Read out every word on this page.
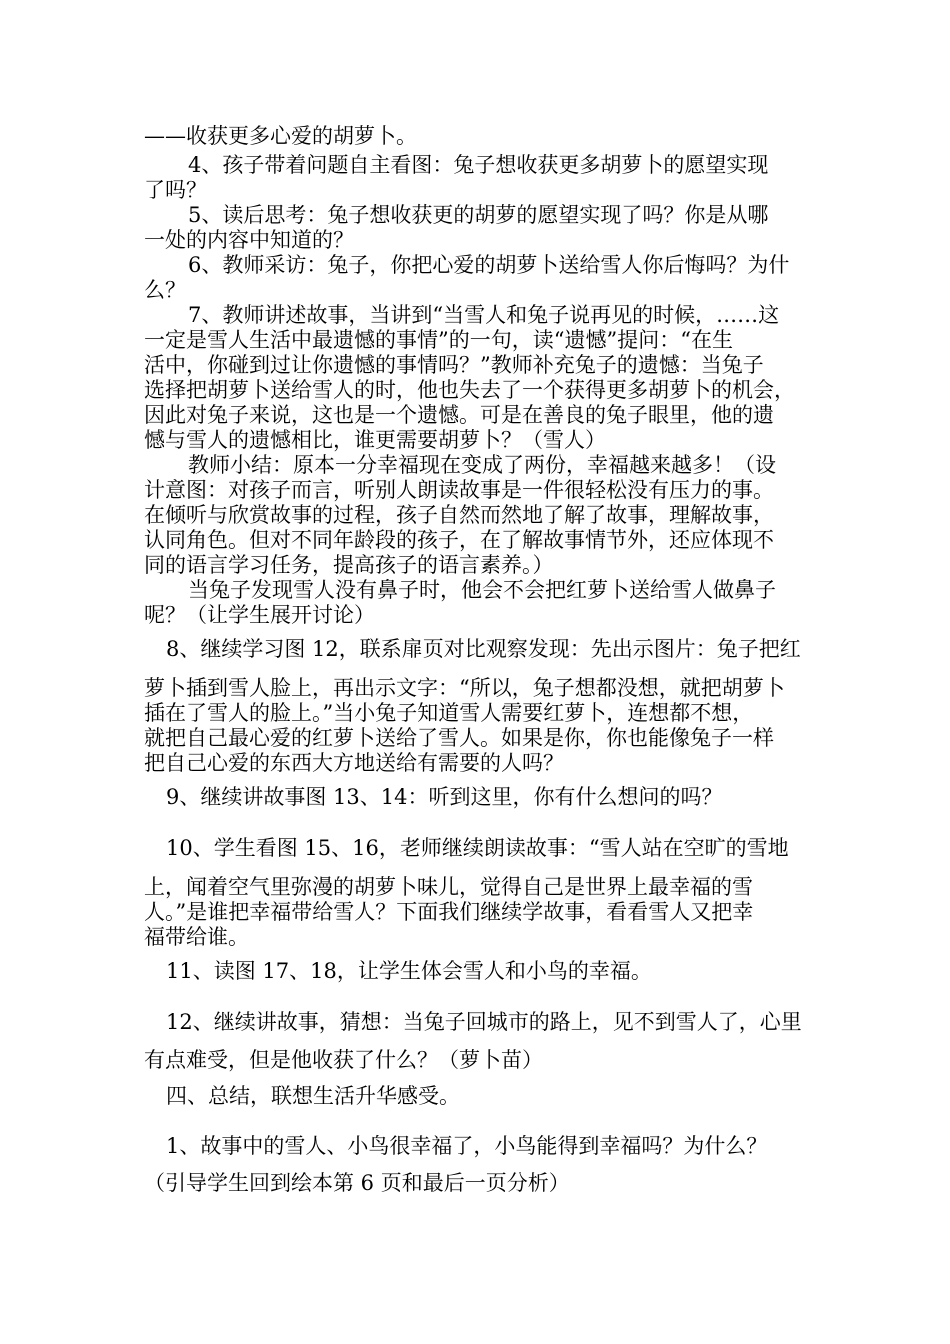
——收获更多心爱的胡萝卜。
4、孩子带着问题自主看图：兔子想收获更多胡萝卜的愿望实现
了吗？
5、读后思考：兔子想收获更的胡萝的愿望实现了吗？你是从哪
一处的内容中知道的？
6、教师采访：兔子，你把心爱的胡萝卜送给雪人你后悔吗？为什
么？
7、教师讲述故事，当讲到“当雪人和兔子说再见的时候，……这
一定是雪人生活中最遗憾的事情”的一句，读“遗憾”提问：“在生
活中，你碰到过让你遗憾的事情吗？”教师补充兔子的遗憾：当兔子
选择把胡萝卜送给雪人的时，他也失去了一个获得更多胡萝卜的机会，
因此对兔子来说，这也是一个遗憾。可是在善良的兔子眼里，他的遗
憾与雪人的遗憾相比，谁更需要胡萝卜？（雪人）
教师小结：原本一分幸福现在变成了两份，幸福越来越多！（设
计意图：对孩子而言，听别人朗读故事是一件很轻松没有压力的事。
在倾听与欣赏故事的过程，孩子自然而然地了解了故事，理解故事，
认同角色。但对不同年龄段的孩子，在了解故事情节外，还应体现不
同的语言学习任务，提高孩子的语言素养。）
当兔子发现雪人没有鼻子时，他会不会把红萝卜送给雪人做鼻子
呢？（让学生展开讨论）
8、继续学习图 12，联系扉页对比观察发现：先出示图片：兔子把红
萝卜插到雪人脸上，再出示文字：“所以，兔子想都没想，就把胡萝卜
插在了雪人的脸上。”当小兔子知道雪人需要红萝卜，连想都不想，
就把自己最心爱的红萝卜送给了雪人。如果是你，你也能像兔子一样
把自己心爱的东西大方地送给有需要的人吗？
9、继续讲故事图 13、14：听到这里，你有什么想问的吗？
10、学生看图 15、16，老师继续朗读故事：“雪人站在空旷的雪地
上，闻着空气里弥漫的胡萝卜味儿，觉得自己是世界上最幸福的雪
人。”是谁把幸福带给雪人？下面我们继续学故事，看看雪人又把幸
福带给谁。
11、读图 17、18，让学生体会雪人和小鸟的幸福。
12、继续讲故事，猜想：当兔子回城市的路上，见不到雪人了，心里
有点难受，但是他收获了什么？（萝卜苗）
四、总结，联想生活升华感受。
1、故事中的雪人、小鸟很幸福了，小鸟能得到幸福吗？为什么？
（引导学生回到绘本第 6 页和最后一页分析）
